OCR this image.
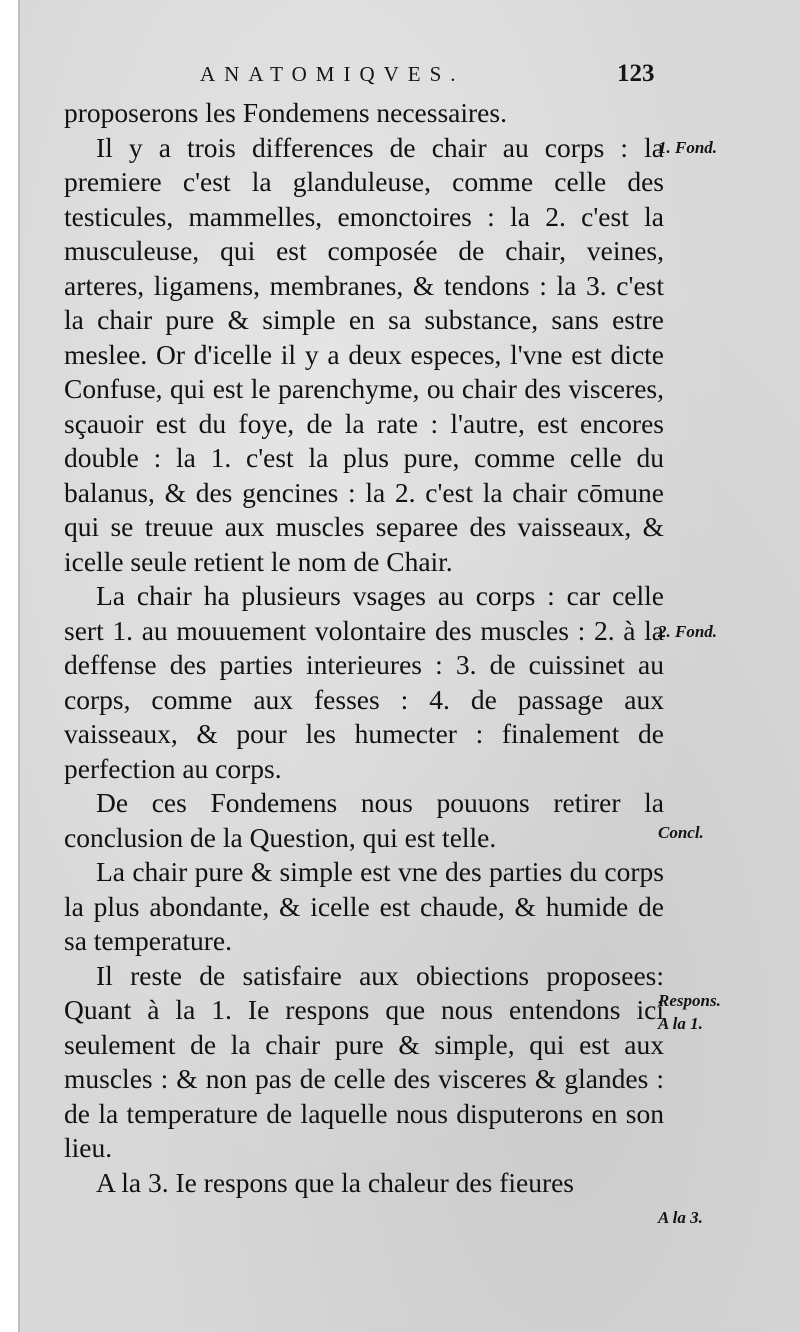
ANATOMIQVES.	123

proposerons les Fondemens necessaires.

Il y a trois differences de chair au corps : la premiere c'est la glanduleuse, comme celle des testicules, mammelles, emonctoires : la 2. c'est la musculeuse, qui est composée de chair, veines, arteres, ligamens, membranes, & tendons : la 3. c'est la chair pure & simple en sa substance, sans estre meslee. Or d'icelle il y a deux especes, l'vne est dicte Confuse, qui est le parenchyme, ou chair des visceres, sçauoir est du foye, de la rate : l'autre, est encores double : la 1. c'est la plus pure, comme celle du balanus, & des gencines : la 2. c'est la chair cōmune qui se treuue aux muscles separee des vaisseaux, & icelle seule retient le nom de Chair.

La chair ha plusieurs vsages au corps : car celle sert 1. au mouuement volontaire des muscles : 2. à la deffense des parties interieures : 3. de cuissinet au corps, comme aux fesses : 4. de passage aux vaisseaux, & pour les humecter : finalement de perfection au corps.

De ces Fondemens nous pouuons retirer la conclusion de la Question, qui est telle.

La chair pure & simple est vne des parties du corps la plus abondante, & icelle est chaude, & humide de sa temperature.

Il reste de satisfaire aux obiections proposees: Quant à la 1. Ie respons que nous entendons ici seulement de la chair pure & simple, qui est aux muscles : & non pas de celle des visceres & glandes : de la temperature de laquelle nous disputerons en son lieu.

A la 3. Ie respons que la chaleur des fieures

1. Fond.
2. Fond.
Concl.
Respons.
A la 1.
A la 3.
